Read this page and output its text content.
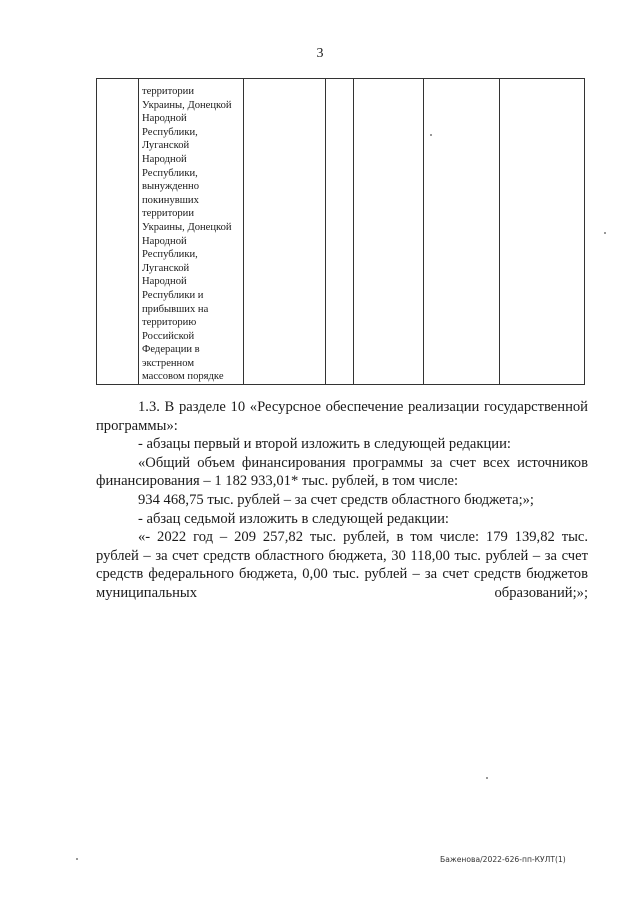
3

территории
Украины, Донецкой
Народной
Республики,
Луганской
Народной
Республики,
вынужденно
покинувших
территории
Украины, Донецкой
Народной
Республики,
Луганской
Народной
Республики и
прибывших на
территорию
Российской
Федерации в
экстренном
массовом порядке

1.3. В разделе 10 «Ресурсное обеспечение реализации государственной программы»:

- абзацы первый и второй изложить в следующей редакции:

«Общий объем финансирования программы за счет всех источников финансирования – 1 182 933,01* тыс. рублей, в том числе:

934 468,75 тыс. рублей – за счет средств областного бюджета;»;

- абзац седьмой изложить в следующей редакции:

«- 2022 год – 209 257,82 тыс. рублей, в том числе: 179 139,82 тыс. рублей – за счет средств областного бюджета, 30 118,00 тыс. рублей – за счет средств федерального бюджета, 0,00 тыс. рублей – за счет средств бюджетов муниципальных образований;»;

Баженова/2022-626-пп-КУЛТ(1)
